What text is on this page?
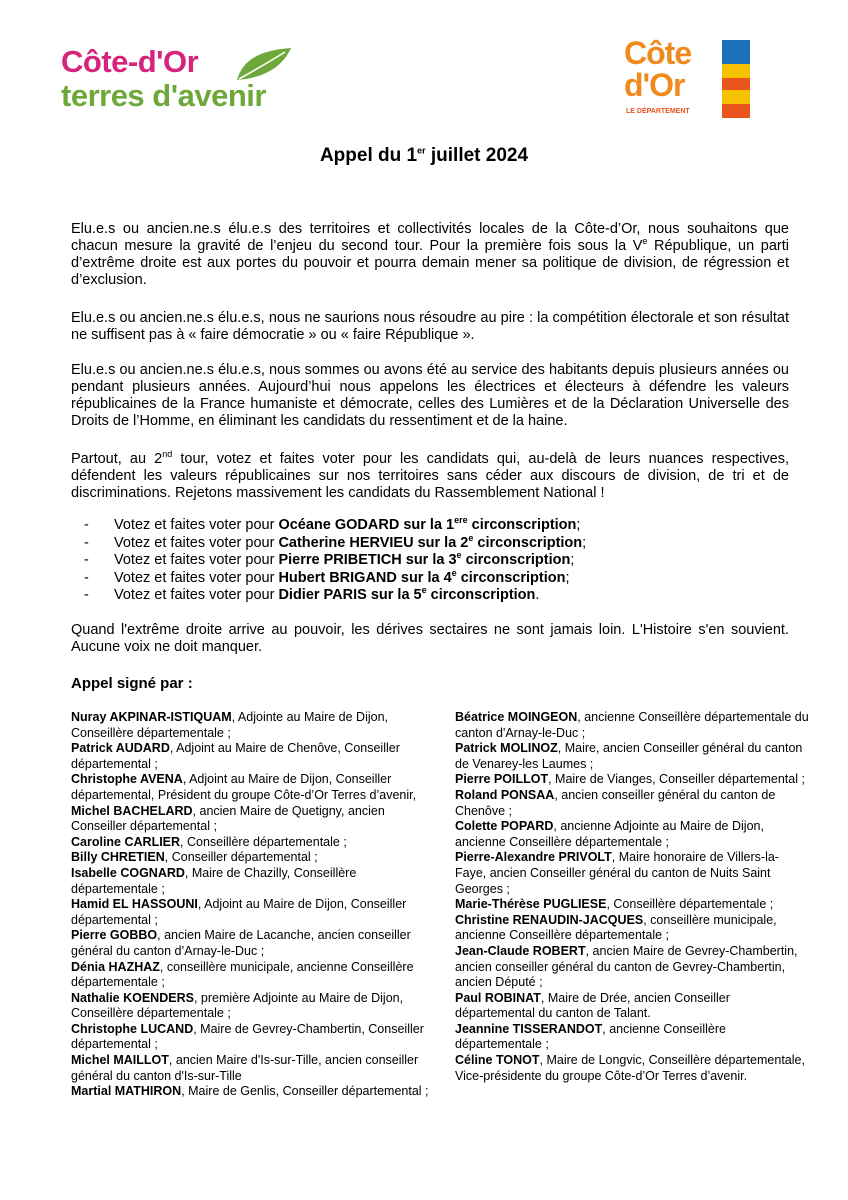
Côte-d'Or
terres d'avenir
Côte
d'Or
LE DÉPARTEMENT
Appel du 1er juillet 2024

Elu.e.s ou ancien.ne.s élu.e.s des territoires et collectivités locales de la Côte-d’Or, nous souhaitons que chacun mesure la gravité de l’enjeu du second tour. Pour la première fois sous la Ve République, un parti d’extrême droite est aux portes du pouvoir et pourra demain mener sa politique de division, de régression et d’exclusion.

Elu.e.s ou ancien.ne.s élu.e.s, nous ne saurions nous résoudre au pire : la compétition électorale et son résultat ne suffisent pas à « faire démocratie » ou « faire République ».

Elu.e.s ou ancien.ne.s élu.e.s, nous sommes ou avons été au service des habitants depuis plusieurs années ou pendant plusieurs années. Aujourd’hui nous appelons les électrices et électeurs à défendre les valeurs républicaines de la France humaniste et démocrate, celles des Lumières et de la Déclaration Universelle des Droits de l’Homme, en éliminant les candidats du ressentiment et de la haine.

Partout, au 2nd tour, votez et faites voter pour les candidats qui, au-delà de leurs nuances respectives, défendent les valeurs républicaines sur nos territoires sans céder aux discours de division, de tri et de discriminations. Rejetons massivement les candidats du Rassemblement National !

-	Votez et faites voter pour
Océane GODARD sur la 1ere circonscription ;
-	Votez et faites voter pour
Catherine HERVIEU sur la 2e circonscription ;
-	Votez et faites voter pour
Pierre PRIBETICH sur la 3e circonscription ;
-	Votez et faites voter pour
Hubert BRIGAND sur la 4e circonscription ;
-	Votez et faites voter pour
Didier PARIS sur la 5e circonscription .

Quand l'extrême droite arrive au pouvoir, les dérives sectaires ne sont jamais loin. L'Histoire s'en souvient. Aucune voix ne doit manquer.

Appel signé par :

Nuray AKPINAR-ISTIQUAM, Adjointe au Maire de Dijon, Conseillère départementale ;

Patrick AUDARD, Adjoint au Maire de Chenôve, Conseiller départemental ;

Christophe AVENA, Adjoint au Maire de Dijon, Conseiller départemental, Président du groupe Côte-d’Or Terres d’avenir,

Michel BACHELARD, ancien Maire de Quetigny, ancien Conseiller départemental ;

Caroline CARLIER, Conseillère départementale ;

Billy CHRETIEN, Conseiller départemental ;

Isabelle COGNARD, Maire de Chazilly, Conseillère départementale ;

Hamid EL HASSOUNI, Adjoint au Maire de Dijon, Conseiller départemental ;

Pierre GOBBO, ancien Maire de Lacanche, ancien conseiller général du canton d’Arnay-le-Duc ;

Dénia HAZHAZ, conseillère municipale, ancienne Conseillère départementale ;

Nathalie KOENDERS, première Adjointe au Maire de Dijon, Conseillère départementale ;

Christophe LUCAND, Maire de Gevrey-Chambertin, Conseiller départemental ;

Michel MAILLOT, ancien Maire d'Is-sur-Tille, ancien conseiller général du canton d'Is-sur-Tille

Martial MATHIRON, Maire de Genlis, Conseiller départemental ;

Béatrice MOINGEON, ancienne Conseillère départementale du canton d'Arnay-le-Duc ;

Patrick MOLINOZ, Maire, ancien Conseiller général du canton de Venarey-les Laumes ;

Pierre POILLOT, Maire de Vianges, Conseiller départemental ;

Roland PONSAA, ancien conseiller général du canton de Chenôve ;

Colette POPARD, ancienne Adjointe au Maire de Dijon, ancienne Conseillère départementale ;

Pierre-Alexandre PRIVOLT, Maire honoraire de Villers-la-Faye, ancien Conseiller général du canton de Nuits Saint Georges ;

Marie-Thérèse PUGLIESE, Conseillère départementale ;

Christine RENAUDIN-JACQUES, conseillère municipale, ancienne Conseillère départementale ;

Jean-Claude ROBERT, ancien Maire de Gevrey-Chambertin, ancien conseiller général du canton de Gevrey-Chambertin, ancien Député ;

Paul ROBINAT, Maire de Drée, ancien Conseiller départemental du canton de Talant.

Jeannine TISSERANDOT, ancienne Conseillère départementale ;

Céline TONOT, Maire de Longvic, Conseillère départementale, Vice-présidente du groupe Côte-d’Or Terres d’avenir.
